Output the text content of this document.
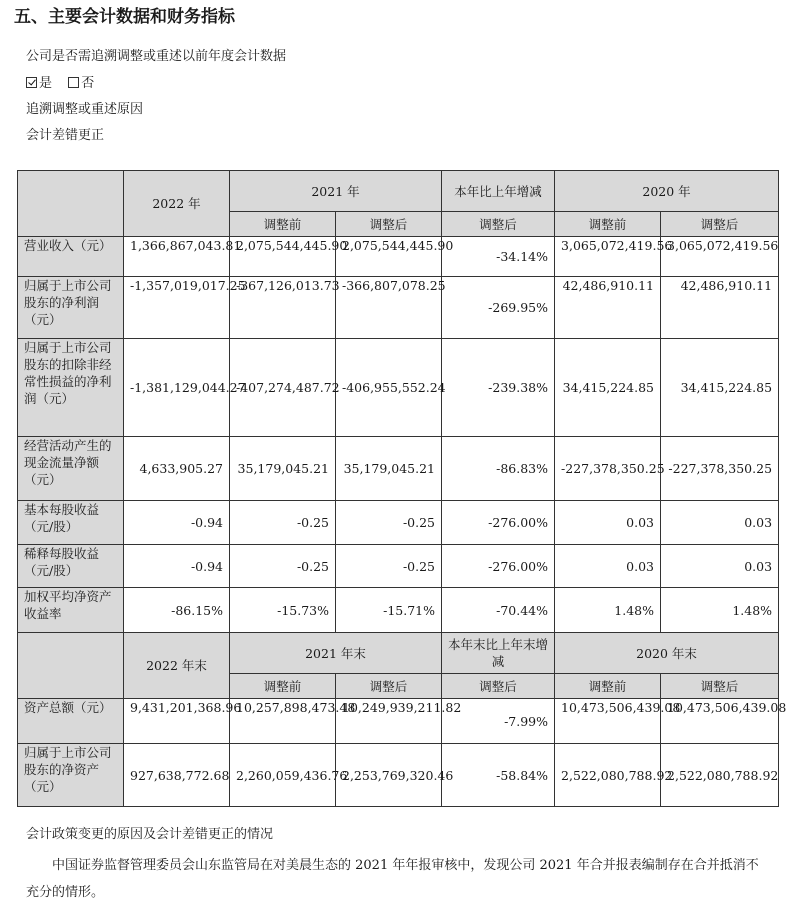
五、主要会计数据和财务指标
公司是否需追溯调整或重述以前年度会计数据
是 否
追溯调整或重述原因
会计差错更正
	2022 年	2021 年		本年比上年增减	2020 年	
		调整前	调整后	调整后	调整前	调整后
营业收入（元）	1,366,867,043.81	2,075,544,445.90	2,075,544,445.90	-34.14%	3,065,072,419.56	3,065,072,419.56
归属于上市公司股东的净利润（元）	-1,357,019,017.25	-367,126,013.73	-366,807,078.25	-269.95%	42,486,910.11	42,486,910.11
归属于上市公司股东的扣除非经常性损益的净利润（元）	-1,381,129,044.27	-407,274,487.72	-406,955,552.24	-239.38%	34,415,224.85	34,415,224.85
经营活动产生的现金流量净额（元）	4,633,905.27	35,179,045.21	35,179,045.21	-86.83%	-227,378,350.25	-227,378,350.25
基本每股收益（元/股）	-0.94	-0.25	-0.25	-276.00%	0.03	0.03
稀释每股收益（元/股）	-0.94	-0.25	-0.25	-276.00%	0.03	0.03
加权平均净资产收益率	-86.15%	-15.73%	-15.71%	-70.44%	1.48%	1.48%
	2022 年末	2021 年末		本年末比上年末增减	2020 年末	
		调整前	调整后	调整后	调整前	调整后
资产总额（元）	9,431,201,368.96	10,257,898,473.48	10,249,939,211.82	-7.99%	10,473,506,439.08	10,473,506,439.08
归属于上市公司股东的净资产（元）	927,638,772.68	2,260,059,436.76	2,253,769,320.46	-58.84%	2,522,080,788.92	2,522,080,788.92
会计政策变更的原因及会计差错更正的情况
中国证券监督管理委员会山东监管局在对美晨生态的 2021 年年报审核中，发现公司 2021 年合并报表编制存在合并抵消不充分的情形。
